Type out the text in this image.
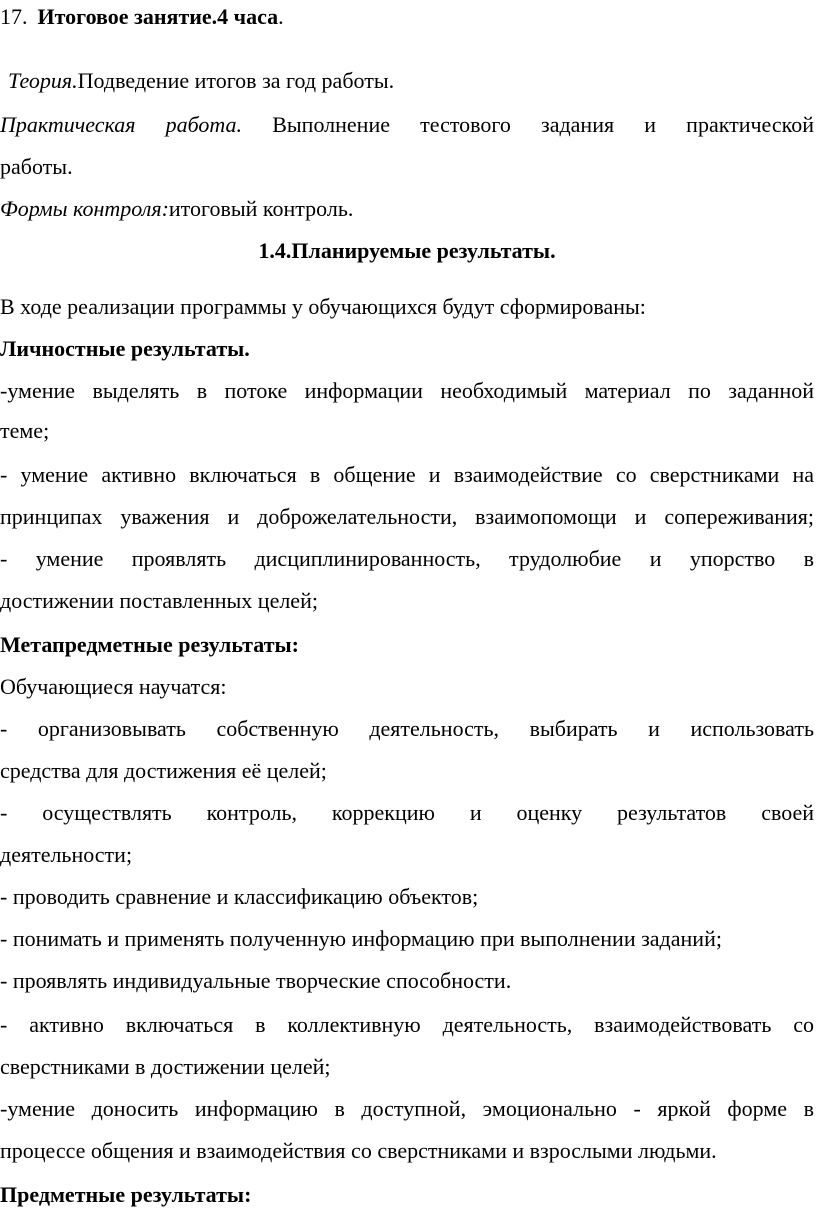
17. Итоговое занятие.4 часа.
Теория.Подведение итогов за год работы.
Практическая работа. Выполнение тестового задания и практической
работы.
Формы контроля:итоговый контроль.
1.4.Планируемые результаты.
В ходе реализации программы у обучающихся будут сформированы:
Личностные результаты.
-умение выделять в потоке информации необходимый материал по заданной
теме;
- умение активно включаться в общение и взаимодействие со сверстниками на
принципах уважения и доброжелательности, взаимопомощи и сопереживания;
- умение проявлять дисциплинированность, трудолюбие и упорство в
достижении поставленных целей;
Метапредметные результаты:
Обучающиеся научатся:
- организовывать собственную деятельность, выбирать и использовать
средства для достижения её целей;
- осуществлять контроль, коррекцию и оценку результатов своей
деятельности;
- проводить сравнение и классификацию объектов;
- понимать и применять полученную информацию при выполнении заданий;
- проявлять индивидуальные творческие способности.
- активно включаться в коллективную деятельность, взаимодействовать со
сверстниками в достижении целей;
-умение доносить информацию в доступной, эмоционально - яркой форме в
процессе общения и взаимодействия со сверстниками и взрослыми людьми.
Предметные результаты:
